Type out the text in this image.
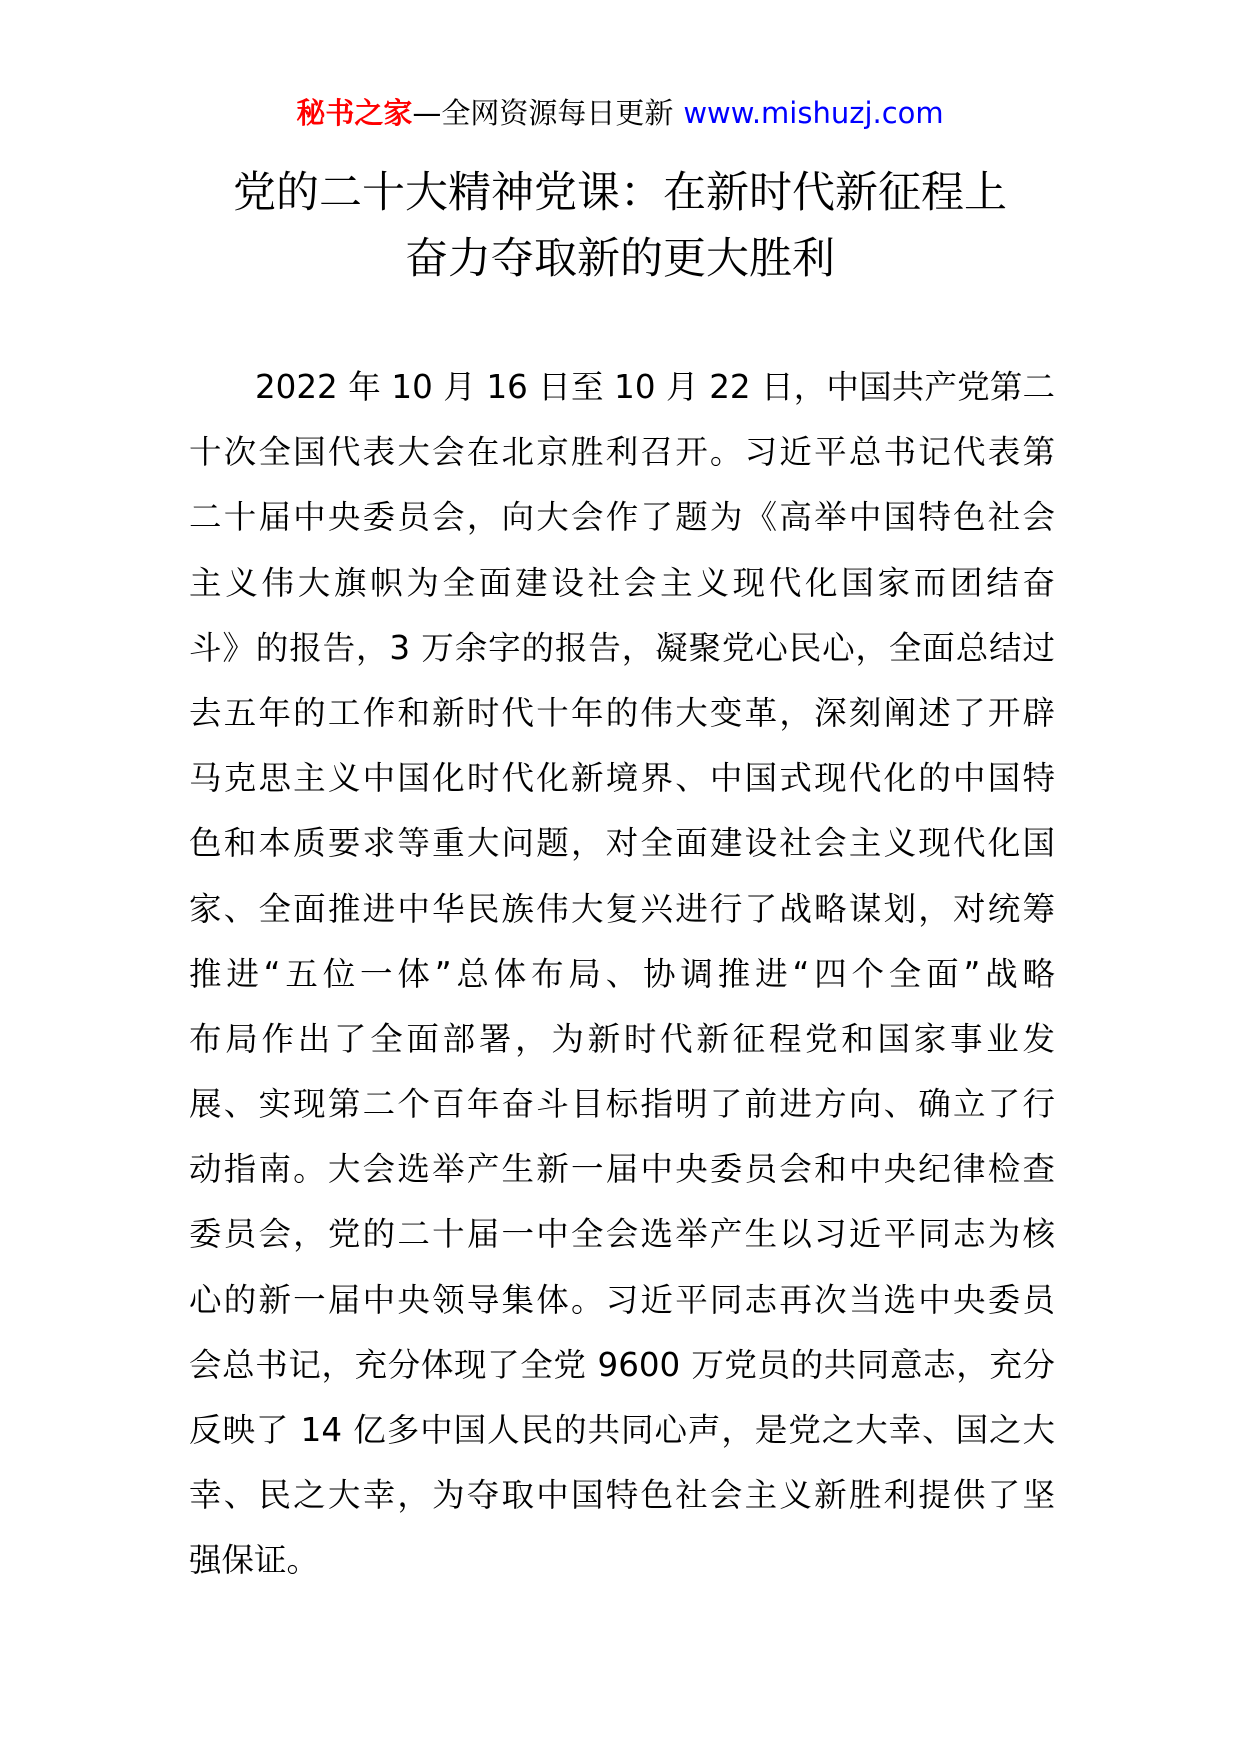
秘书之家—全网资源每日更新 www.mishuzj.com
党的二十大精神党课：在新时代新征程上
奋力夺取新的更大胜利
2022 年 10 月 16 日至 10 月 22 日，中国共产党第二
十次全国代表大会在北京胜利召开。习近平总书记代表第
二十届中央委员会，向大会作了题为《高举中国特色社会
主义伟大旗帜为全面建设社会主义现代化国家而团结奋
斗》的报告，3 万余字的报告，凝聚党心民心，全面总结过
去五年的工作和新时代十年的伟大变革，深刻阐述了开辟
马克思主义中国化时代化新境界、中国式现代化的中国特
色和本质要求等重大问题，对全面建设社会主义现代化国
家、全面推进中华民族伟大复兴进行了战略谋划，对统筹
推进“五位一体”总体布局、协调推进“四个全面”战略
布局作出了全面部署，为新时代新征程党和国家事业发
展、实现第二个百年奋斗目标指明了前进方向、确立了行
动指南。大会选举产生新一届中央委员会和中央纪律检查
委员会，党的二十届一中全会选举产生以习近平同志为核
心的新一届中央领导集体。习近平同志再次当选中央委员
会总书记，充分体现了全党 9600 万党员的共同意志，充分
反映了 14 亿多中国人民的共同心声，是党之大幸、国之大
幸、民之大幸，为夺取中国特色社会主义新胜利提供了坚
强保证。
